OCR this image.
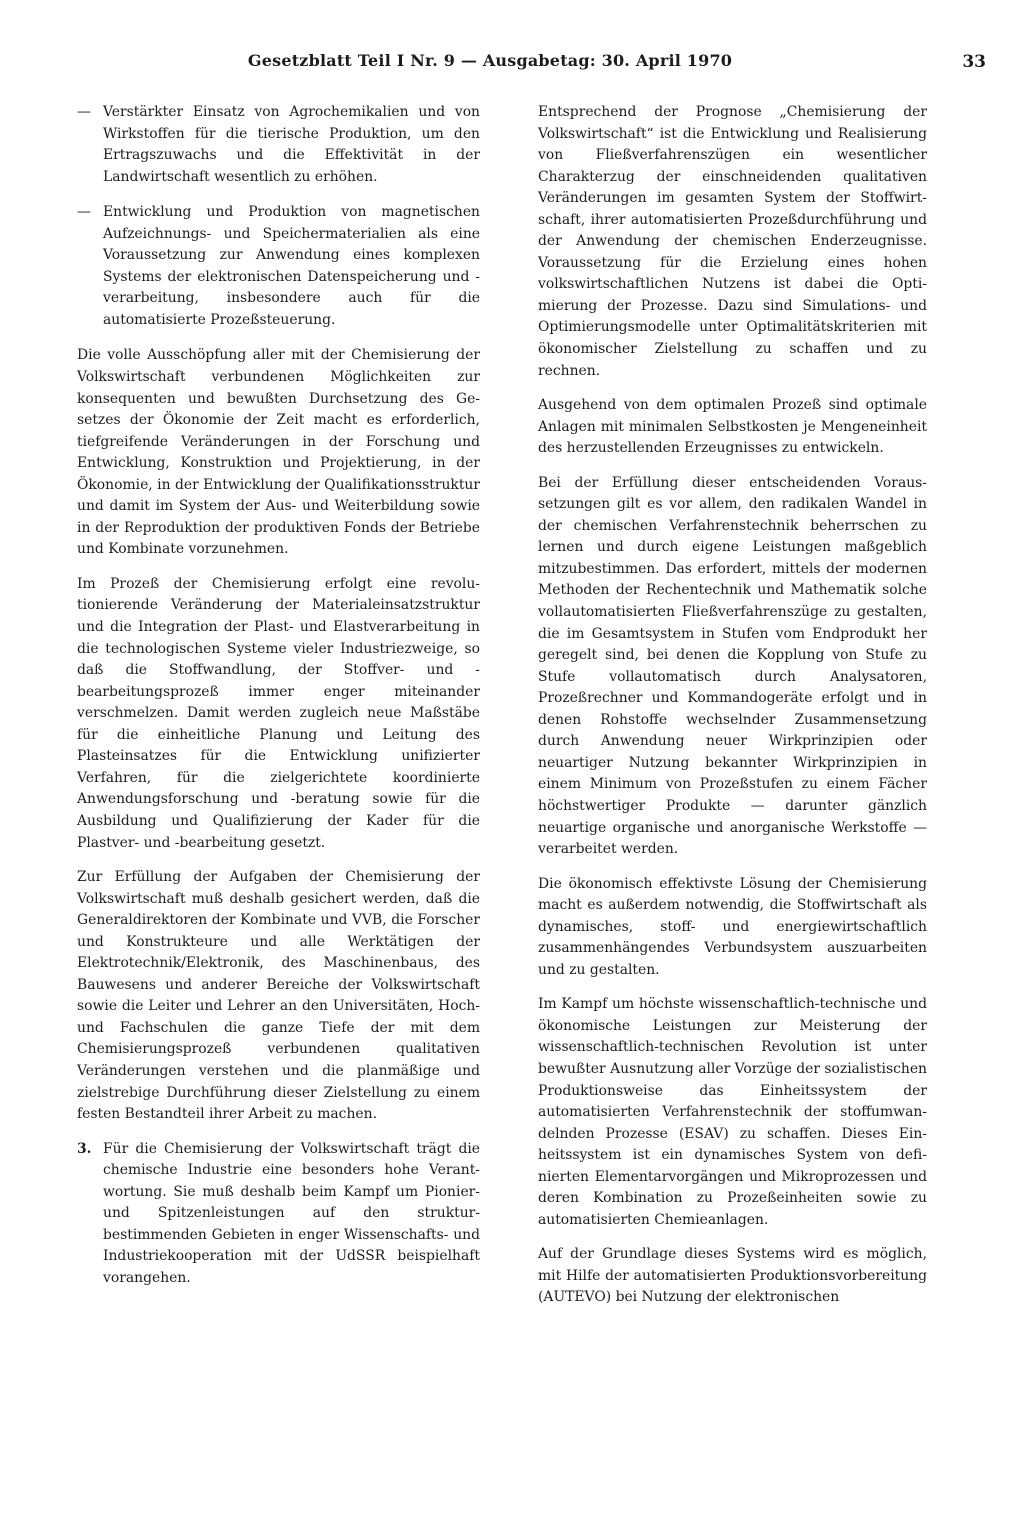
Gesetzblatt Teil I Nr. 9 — Ausgabetag: 30. April 1970	33
— Verstärkter Einsatz von Agrochemikalien und von Wirkstoffen für die tierische Produktion, um den Ertragszuwachs und die Effektivität in der Landwirtschaft wesentlich zu erhöhen.
— Entwicklung und Produktion von magnetischen Aufzeichnungs- und Speichermaterialien als eine Voraussetzung zur Anwendung eines komplexen Systems der elektronischen Datenspeicherung und -verarbeitung, insbesondere auch für die automatisierte Prozeßsteuerung.

Die volle Ausschöpfung aller mit der Chemisierung der Volkswirtschaft verbundenen Möglichkeiten zur konsequenten und bewußten Durchsetzung des Gesetzes der Ökonomie der Zeit macht es erforderlich, tiefgreifende Veränderungen in der Forschung und Entwicklung, Konstruktion und Projektierung, in der Ökonomie, in der Entwicklung der Qualifikationsstruktur und damit im System der Aus- und Weiterbildung sowie in der Reproduktion der produktiven Fonds der Betriebe und Kombinate vorzunehmen.

Im Prozeß der Chemisierung erfolgt eine revolutionierende Veränderung der Materialeinsatzstruktur und die Integration der Plast- und Elastverarbeitung in die technologischen Systeme vieler Industriezweige, so daß die Stoffwandlung, der Stoffver- und -bearbeitungsprozeß immer enger miteinander verschmelzen. Damit werden zugleich neue Maßstäbe für die einheitliche Planung und Leitung des Plasteinsatzes für die Entwicklung unifizierter Verfahren, für die zielgerichtete koordinierte Anwendungsforschung und -beratung sowie für die Ausbildung und Qualifizierung der Kader für die Plastver- und -bearbeitung gesetzt.

Zur Erfüllung der Aufgaben der Chemisierung der Volkswirtschaft muß deshalb gesichert werden, daß die Generaldirektoren der Kombinate und VVB, die Forscher und Konstrukteure und alle Werktätigen der Elektrotechnik/Elektronik, des Maschinenbaus, des Bauwesens und anderer Bereiche der Volkswirtschaft sowie die Leiter und Lehrer an den Universitäten, Hoch- und Fachschulen die ganze Tiefe der mit dem Chemisierungsprozeß verbundenen qualitativen Veränderungen verstehen und die planmäßige und zielstrebige Durchführung dieser Zielstellung zu einem festen Bestandteil ihrer Arbeit zu machen.

3. Für die Chemisierung der Volkswirtschaft trägt die chemische Industrie eine besonders hohe Verantwortung. Sie muß deshalb beim Kampf um Pionier- und Spitzenleistungen auf den strukturbestimmenden Gebieten in enger Wissenschafts- und Industriekooperation mit der UdSSR beispielhaft vorangehen.

Entsprechend der Prognose „Chemisierung der Volkswirtschaft“ ist die Entwicklung und Realisierung von Fließverfahrenszügen ein wesentlicher Charakterzug der einschneidenden qualitativen Veränderungen im gesamten System der Stoffwirtschaft, ihrer automatisierten Prozeßdurchführung und der Anwendung der chemischen Enderzeugnisse. Voraussetzung für die Erzielung eines hohen volkswirtschaftlichen Nutzens ist dabei die Optimierung der Prozesse. Dazu sind Simulations- und Optimierungsmodelle unter Optimalitätskriterien mit ökonomischer Zielstellung zu schaffen und zu rechnen.

Ausgehend von dem optimalen Prozeß sind optimale Anlagen mit minimalen Selbstkosten je Mengeneinheit des herzustellenden Erzeugnisses zu entwickeln.

Bei der Erfüllung dieser entscheidenden Voraussetzungen gilt es vor allem, den radikalen Wandel in der chemischen Verfahrenstechnik beherrschen zu lernen und durch eigene Leistungen maßgeblich mitzubestimmen. Das erfordert, mittels der modernen Methoden der Rechentechnik und Mathematik solche vollautomatisierten Fließverfahrenszüge zu gestalten, die im Gesamtsystem in Stufen vom Endprodukt her geregelt sind, bei denen die Kopplung von Stufe zu Stufe vollautomatisch durch Analysatoren, Prozeßrechner und Kommandogeräte erfolgt und in denen Rohstoffe wechselnder Zusammensetzung durch Anwendung neuer Wirkprinzipien oder neuartiger Nutzung bekannter Wirkprinzipien in einem Minimum von Prozeßstufen zu einem Fächer höchstwertiger Produkte — darunter gänzlich neuartige organische und anorganische Werkstoffe — verarbeitet werden.

Die ökonomisch effektivste Lösung der Chemisierung macht es außerdem notwendig, die Stoffwirtschaft als dynamisches, stoff- und energiewirtschaftlich zusammenhängendes Verbundsystem auszuarbeiten und zu gestalten.

Im Kampf um höchste wissenschaftlich-technische und ökonomische Leistungen zur Meisterung der wissenschaftlich-technischen Revolution ist unter bewußter Ausnutzung aller Vorzüge der sozialistischen Produktionsweise das Einheitssystem der automatisierten Verfahrenstechnik der stoffumwandelnden Prozesse (ESAV) zu schaffen. Dieses Einheitssystem ist ein dynamisches System von definierten Elementarvorgängen und Mikroprozessen und deren Kombination zu Prozeßeinheiten sowie zu automatisierten Chemieanlagen.

Auf der Grundlage dieses Systems wird es möglich, mit Hilfe der automatisierten Produktionsvorbereitung (AUTEVO) bei Nutzung der elektronischen
